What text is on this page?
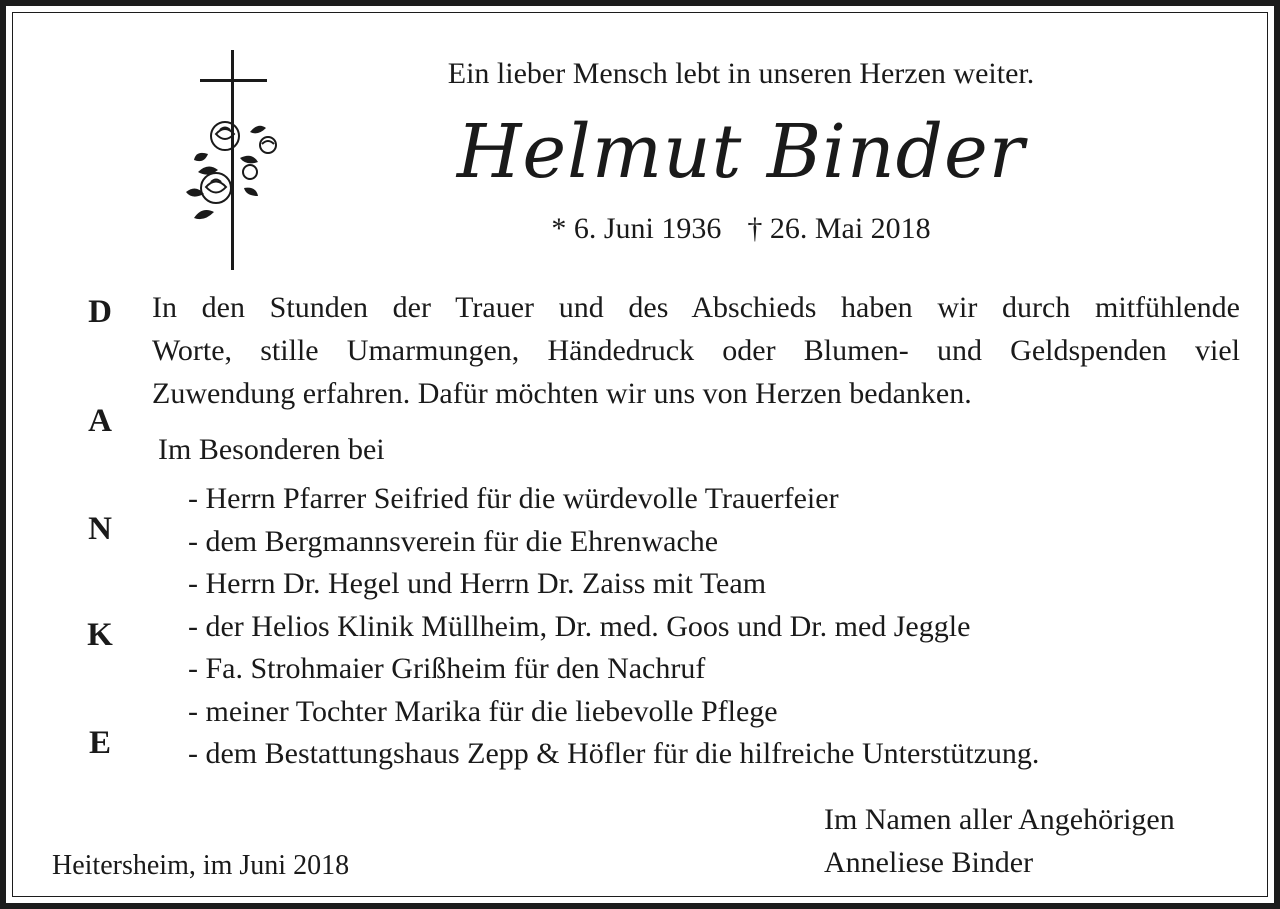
Ein lieber Mensch lebt in unseren Herzen weiter.
Helmut Binder
* 6. Juni 1936 † 26. Mai 2018
D
A
N
K
E
In den Stunden der Trauer und des Abschieds haben wir durch mitfühlende
Worte, stille Umarmungen, Händedruck oder Blumen- und Geldspenden viel
Zuwendung erfahren. Dafür möchten wir uns von Herzen bedanken.
Im Besonderen bei
- Herrn Pfarrer Seifried für die würdevolle Trauerfeier
- dem Bergmannsverein für die Ehrenwache
- Herrn Dr. Hegel und Herrn Dr. Zaiss mit Team
- der Helios Klinik Müllheim, Dr. med. Goos und Dr. med Jeggle
- Fa. Strohmaier Grißheim für den Nachruf
- meiner Tochter Marika für die liebevolle Pflege
- dem Bestattungshaus Zepp & Höfler für die hilfreiche Unterstützung.
Im Namen aller Angehörigen
Anneliese Binder
Heitersheim, im Juni 2018
